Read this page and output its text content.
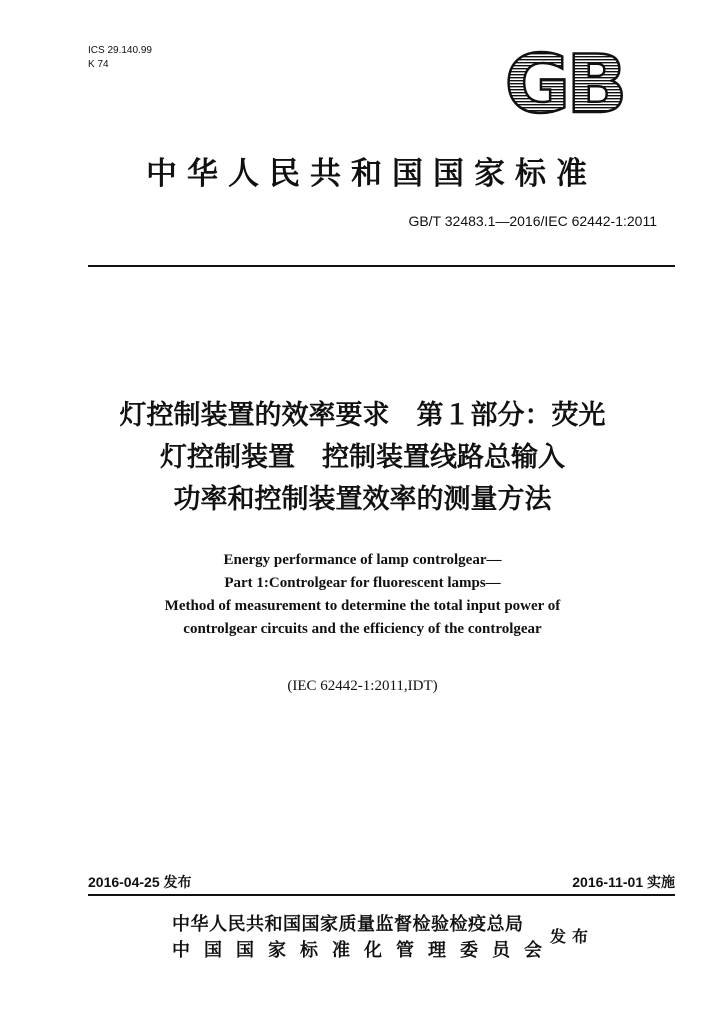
ICS 29.140.99
K 74	GB
中华人民共和国国家标准
GB/T 32483.1—2016/IEC 62442-1:2011
灯控制装置的效率要求　第１部分：荧光
灯控制装置　控制装置线路总输入
功率和控制装置效率的测量方法
Energy performance of lamp controlgear—
Part 1:Controlgear for fluorescent lamps—
Method of measurement to determine the total input power of
controlgear circuits and the efficiency of the controlgear
(IEC 62442-1:2011,IDT)
2016-04-25 发布	2016-11-01 实施
中华人民共和国国家质量监督检验检疫总局
中国国家标准化管理委员会
发布
